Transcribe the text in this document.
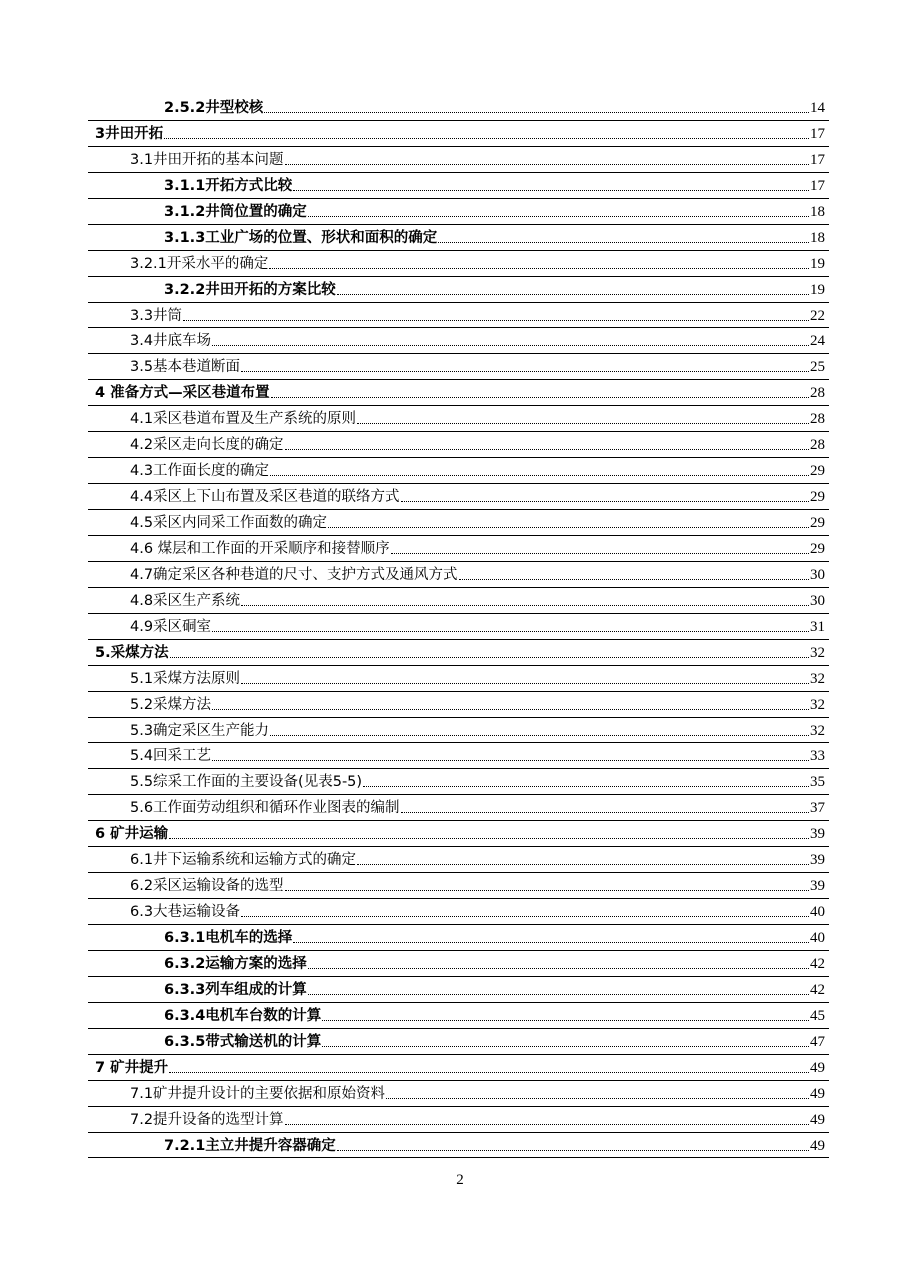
2.5.2井型校核	14
3井田开拓	17
3.1井田开拓的基本问题	17
3.1.1开拓方式比较	17
3.1.2井筒位置的确定	18
3.1.3工业广场的位置、形状和面积的确定	18
3.2.1开采水平的确定	19
3.2.2井田开拓的方案比较	19
3.3井筒	22
3.4井底车场	24
3.5基本巷道断面	25
4 准备方式—采区巷道布置	28
4.1采区巷道布置及生产系统的原则	28
4.2采区走向长度的确定	28
4.3工作面长度的确定	29
4.4采区上下山布置及采区巷道的联络方式	29
4.5采区内同采工作面数的确定	29
4.6 煤层和工作面的开采顺序和接替顺序	29
4.7确定采区各种巷道的尺寸、支护方式及通风方式	30
4.8采区生产系统	30
4.9采区硐室	31
5.采煤方法	32
5.1采煤方法原则	32
5.2采煤方法	32
5.3确定采区生产能力	32
5.4回采工艺	33
5.5综采工作面的主要设备(见表5-5)	35
5.6工作面劳动组织和循环作业图表的编制	37
6 矿井运输	39
6.1井下运输系统和运输方式的确定	39
6.2采区运输设备的选型	39
6.3大巷运输设备	40
6.3.1电机车的选择	40
6.3.2运输方案的选择	42
6.3.3列车组成的计算	42
6.3.4电机车台数的计算	45
6.3.5带式输送机的计算	47
7 矿井提升	49
7.1矿井提升设计的主要依据和原始资料	49
7.2提升设备的选型计算	49
7.2.1主立井提升容器确定	49
2
